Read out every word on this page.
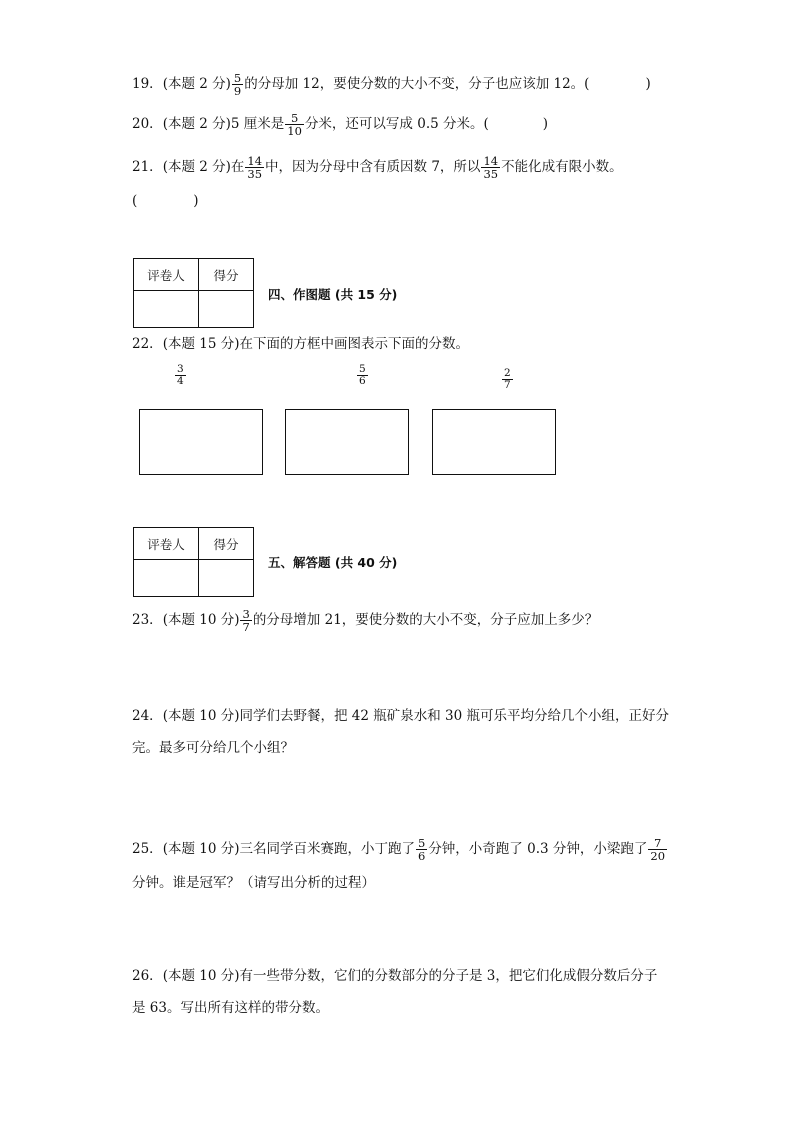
19．(本题 2 分) $\frac{5}{9}$ 的分母加 12，要使分数的大小不变，分子也应该加 12。(	)
20．(本题 2 分)5 厘米是 $\frac{5}{10}$ 分米，还可以写成 0.5 分米。(	)
21．(本题 2 分)在 $\frac{14}{35}$ 中，因为分母中含有质因数 7，所以 $\frac{14}{35}$ 不能化成有限小数。
(	)
评卷人	得分

四、作图题 (共 15 分)
22．(本题 15 分)在下面的方框中画图表示下面的分数。
$\frac{3}{4}$	$\frac{5}{6}$	$\frac{2}{7}$
评卷人	得分

五、解答题 (共 40 分)
23．(本题 10 分) $\frac{3}{7}$ 的分母增加 21，要使分数的大小不变，分子应加上多少？
24．(本题 10 分)同学们去野餐，把 42 瓶矿泉水和 30 瓶可乐平均分给几个小组，正好分
完。最多可分给几个小组？
25．(本题 10 分)三名同学百米赛跑，小丁跑了 $\frac{5}{6}$ 分钟，小奇跑了 0.3 分钟，小梁跑了 $\frac{7}{20}$
分钟。谁是冠军？（请写出分析的过程）
26．(本题 10 分)有一些带分数，它们的分数部分的分子是 3，把它们化成假分数后分子
是 63。写出所有这样的带分数。
